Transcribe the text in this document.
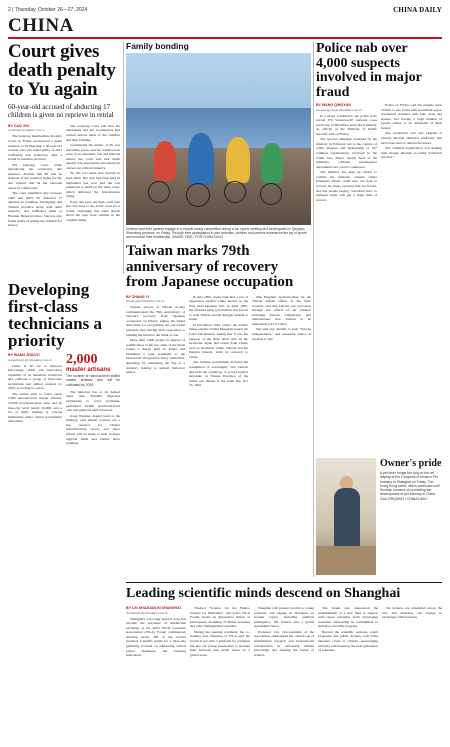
2 | Thursday, October 26—27, 2024	CHINA DAILY
CHINA
Court gives death penalty to Yu again
60-year-old accused of abducting 17 children is given no reprieve in retrial
BY CAO YIN
caoyin@chinadaily.com.cn

The Guiyang Intermediate People's Court on Friday pronounced a death sentence to Yu Huaying, a 60-year-old woman who was found guilty of child trafficking and abduction, after a retrial in Guizhou province.

The Guiyang court, while announcing the conviction and sentence, decided that Yu will be stripped of her political rights for life and ordered that all her personal assets be confiscated.

The court identified that between 1993 and 2003, Yu abducted 17 children in Guizhou, Chongqing and Yunnan province along with other suspects, and trafficked them to Handan, Hebei province. She was also found guilty of selling the children for money.

The Guiyang court said that the defendants and her accomplices had caused serious harm to the children and their families.

Considering the matter of Yu was extremely grave, and the criminal acts were of an extremely vile and heinous nature, the court said that death penalty was appropriate and should be carried out without leniency.

Yu, 60, was taken into custody in June 2022. Her trial had been held in September last year, and she was sentenced to death by the same court, which delivered the first-instance ruling.

Early this year, the high court sent the case back to the lower court for a retrial, explaining that some details about the case were omitted in the original ruling.

Family bonding
Children and their parents engage in a tricycle racing competition during a fun sports meeting at a kindergarten in Qingdao, Shandong province, on Friday. Through their participation in joint activities, children and parents experience the joy of sports and enhance their relationship. ZHANG YING / FOR CHINA DAILY
Police nab over 4,000 suspects involved in major fraud
BY WANG QINGYUN
wangqingyun@chinadaily.com.cn

In a major crackdown, the police have solved 370 "underworld" national cases involving 12.86 billion yuan ($1.8 billion), an official of the Ministry of Public Security said on Friday.

The special campaign launched by the ministry in February led to the capture of 4,365 suspects and dismantling of 247 criminal organizations involved in the crime, Gao Zhiyu, deputy head of the ministry's criminal investigation department told a news conference.

The ministry has kept up efforts to combat the domestic scheme where fraudsters falsely claim they can help to recover all assets overseas that are frozen, and that people paying "activation fees" to unfreeze them will get a huge sum of reward.

Police on Friday said the scheme lures victims to use forms with fraudulent logos, documents stamped with fake seals and stamps, and forcing a large number of people online to be defrauded of their money.

The crackdown was also targeted at various internet financial platforms that have been used to defraud investors.

The criminal organization was making their money through so-called "technical services".

Taiwan marks 79th anniversary of recovery from Japanese occupation
BY ZHANG YI
zhangyi@chinadaily.com.cn

Various sectors of Taiwan society commemorated the 79th anniversary of Taiwan's recovery from Japanese occupation on Friday, urging the island authorities for recognizing the one-China principle and viewing their opposition to pushing the island to the brink of war.

More than 1,000 people in support of reunification of the two sides of the Strait joined a march held in Taipei and submitted a joint statement to the Democratic Progressive Party authorities, appealing for reinstating the day as a statutory holiday to uphold historical justice.

In July 1895, Japan launched a war of aggression against China known as the First Sino-Japanese War. In April 1895, the defeated Qing government was forced to cede Taiwan and the Penghu Islands to Japan.

In December 1943, China, the United States and the United Kingdom issued the Cairo Declaration, stating that it was the purpose of the three allies that all the territories Japan had stolen from China, such as Northeast China, Taiwan and the Penghu Islands, shall be restored to China.

The Chinese government declared the resumption of sovereignty over Taiwan and held the ceremony to accept Japan's surrender in Taiwan Province of the China war theater at the same day, Oct 25, 1945.

Zhu Fenglian, spokeswoman for the Taiwan Affairs Office of the State Council, said that Taiwan was recovered through the efforts of all Chinese including Taiwan compatriots, and demonstrates that Taiwan is an inalienable part of China.

She said any attempt to seek "Taiwan independence" and separatist stance is doomed to fail.

Developing first-class technicians a priority
BY WANG ZHAOYI
wangzhaoyi@chinadaily.com.cn

China is all set to improve knowledge, skills and innovation capability of its industrial workforce and cultivate a group of first-class technicians and skilled workers by 2035, according to a plan.

The nation aims to foster about 2,000 national-level master artisans, 10,000 provincial-level ones, and an inter-city level nearly 50,000, and a lot of skills training at various institutions under central government authorities.

2,000
master artisans
The number of national-level skilled master artisans who will be cultivated by 2035

The initiative has so far helped more than 200,000 high-end technicians to solve problems, performed 10,000 provincial-level ones and gathered skill resources.

Jiang Wenhua, deputy head of the ministry, said skilled workers are a key resource for China's manufacturing sector, and more efforts will be made to help workers upgrade skills and enable more trainings.

Owner's pride
A pet lover brings her dog on the art display at the Congress of Modern Pet Industry in Shanghai on Friday. The Hong Kong event, which continued until Sunday, focused on promoting the development of pet industry in China. GAO ERQIANG / CHINA DAILY
Leading scientific minds descend on Shanghai
BY LIN SHUJUAN IN SHANGHAI
linshujuan@chinadaily.com.cn

Shanghai's Lin-Gang Special Area has become the epicenter of intellectual exchange as the 2024 World Laureates Association (WLA) Forum commenced, drawing nearly 300 of the world's foremost scientific minds for a three-day gathering focused on addressing critical global challenges and fostering innovation.

Themed "Science for the Future, Science for Humanity", this year's WLA Forum boasts an impressive lineup of participants, including 23 Nobel laureates and other distinguished scientists.

During the opening ceremony, the co-founder and chairman of WLA said the forum is not only a platform for scientists but also for young researchers to broaden their horizons and tackle issues on a global scale.

Shanghai will present awards to young scientists and engage in dialogues on frontier topics, including artificial intelligence, life science and a global sustainable future.

Professor Lin, vice-president of the association, emphasized the crucial role of fundamental research and international collaboration in advancing human knowledge and shaping the future of science.

The forum also announced the establishment of a new fund to support early-career scientists from developing countries, reinforcing its commitment to inclusive scientific progress.

Beyond the scientific sessions, youth programs and public lectures will bring laureates closer to citizens, encouraging curiosity and inspiring the next generation of scientists.

Six lectures are scheduled across the city, and attendees can engage in exchanges with laureates.
